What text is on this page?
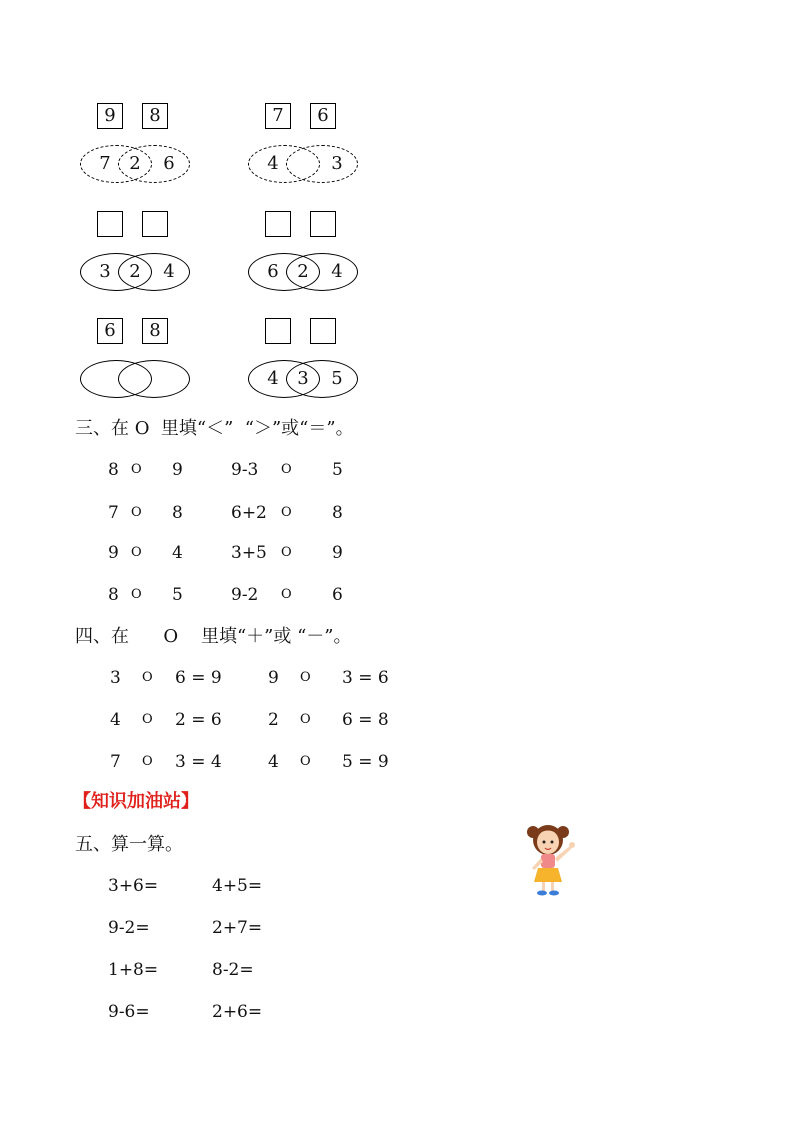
9	8
7 2 6
7	6
4	3
3 2 4	6 2 4
6	8
4 3 5
三、在 O  里填“＜”  “＞”或“＝”。
8 O 9	9-3 O 5
7 O 8	6+2 O 8
9 O 4	3+5 O 9
8 O 5	9-2 O 6
四、在      O    里填“＋”或 “－”。
3 O 6 = 9	9 O 3 = 6
4 O 2 = 6	2 O 6 = 8
7 O 3 = 4	4 O 5 = 9
【知识加油站】
五、算一算。
3+6=	4+5=
9-2=	2+7=
1+8=	8-2=
9-6=	2+6=
